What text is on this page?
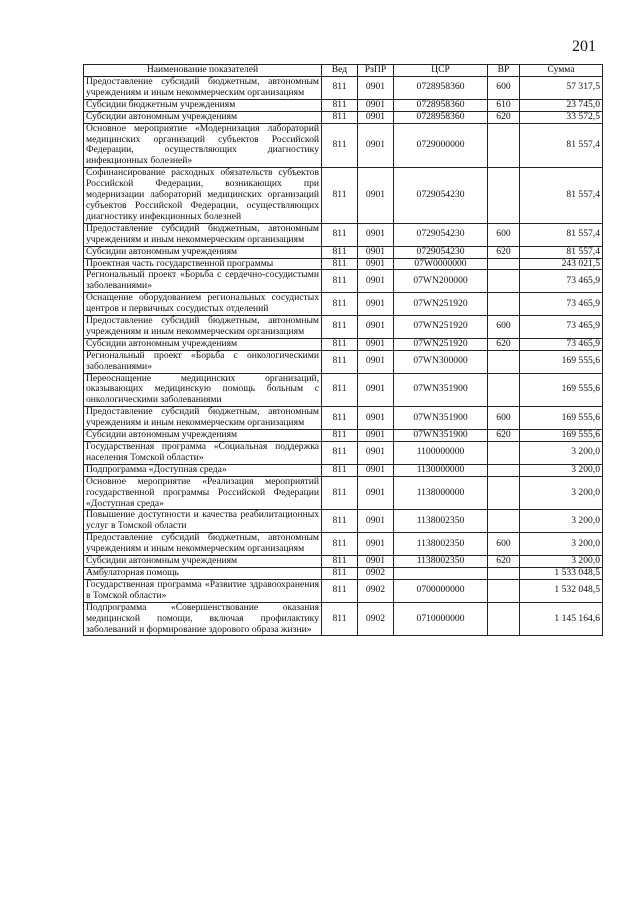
201
Наименование показателей	Вед	РзПР	ЦСР	ВР	Сумма
Предоставление субсидий бюджетным, автономным учреждениям и иным некоммерческим организациям	811	0901	0728958360	600	57 317,5
Субсидии бюджетным учреждениям	811	0901	0728958360	610	23 745,0
Субсидии автономным учреждениям	811	0901	0728958360	620	33 572,5
Основное мероприятие «Модернизация лабораторий медицинских организаций субъектов Российской Федерации, осуществляющих диагностику инфекционных болезней»	811	0901	0729000000		81 557,4
Софинансирование расходных обязательств субъектов Российской Федерации, возникающих при модернизации лабораторий медицинских организаций субъектов Российской Федерации, осуществляющих диагностику инфекционных болезней	811	0901	0729054230		81 557,4
Предоставление субсидий бюджетным, автономным учреждениям и иным некоммерческим организациям	811	0901	0729054230	600	81 557,4
Субсидии автономным учреждениям	811	0901	0729054230	620	81 557,4
Проектная часть государственной программы	811	0901	07W0000000		243 021,5
Региональный проект «Борьба с сердечно-сосудистыми заболеваниями»	811	0901	07WN200000		73 465,9
Оснащение оборудованием региональных сосудистых центров и первичных сосудистых отделений	811	0901	07WN251920		73 465,9
Предоставление субсидий бюджетным, автономным учреждениям и иным некоммерческим организациям	811	0901	07WN251920	600	73 465,9
Субсидии автономным учреждениям	811	0901	07WN251920	620	73 465,9
Региональный проект «Борьба с онкологическими заболеваниями»	811	0901	07WN300000		169 555,6
Переоснащение медицинских организаций, оказывающих медицинскую помощь больным с онкологическими заболеваниями	811	0901	07WN351900		169 555,6
Предоставление субсидий бюджетным, автономным учреждениям и иным некоммерческим организациям	811	0901	07WN351900	600	169 555,6
Субсидии автономным учреждениям	811	0901	07WN351900	620	169 555,6
Государственная программа «Социальная поддержка населения Томской области»	811	0901	1100000000		3 200,0
Подпрограмма «Доступная среда»	811	0901	1130000000		3 200,0
Основное мероприятие «Реализация мероприятий государственной программы Российской Федерации «Доступная среда»	811	0901	1138000000		3 200,0
Повышение доступности и качества реабилитационных услуг в Томской области	811	0901	1138002350		3 200,0
Предоставление субсидий бюджетным, автономным учреждениям и иным некоммерческим организациям	811	0901	1138002350	600	3 200,0
Субсидии автономным учреждениям	811	0901	1138002350	620	3 200,0
Амбулаторная помощь	811	0902			1 533 048,5
Государственная программа «Развитие здравоохранения в Томской области»	811	0902	0700000000		1 532 048,5
Подпрограмма «Совершенствование оказания медицинской помощи, включая профилактику заболеваний и формирование здорового образа жизни»	811	0902	0710000000		1 145 164,6
